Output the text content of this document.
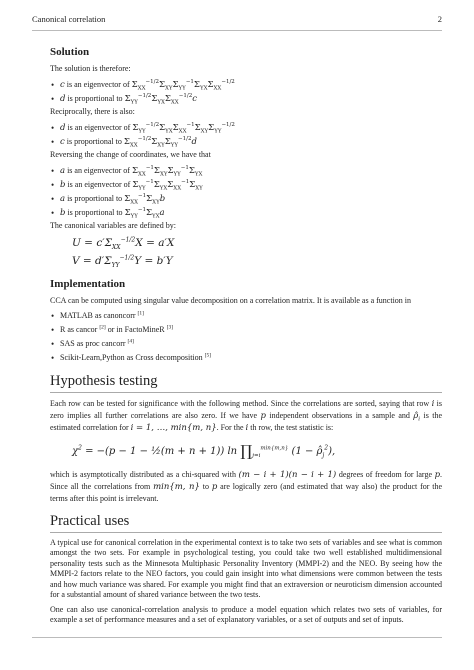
Canonical correlation	2
Solution

The solution is therefore:

• c is an eigenvector of $\Sigma_{XX}^{-1/2}\Sigma_{XY}\Sigma_{YY}^{-1}\Sigma_{YX}\Sigma_{XX}^{-1/2}$
• d is proportional to $\Sigma_{YY}^{-1/2}\Sigma_{YX}\Sigma_{XX}^{-1/2}c$

Reciprocally, there is also:

• d is an eigenvector of $\Sigma_{YY}^{-1/2}\Sigma_{YX}\Sigma_{XX}^{-1}\Sigma_{XY}\Sigma_{YY}^{-1/2}$
• c is proportional to $\Sigma_{XX}^{-1/2}\Sigma_{XY}\Sigma_{YY}^{-1/2}d$

Reversing the change of coordinates, we have that

• a is an eigenvector of $\Sigma_{XX}^{-1}\Sigma_{XY}\Sigma_{YY}^{-1}\Sigma_{YX}$
• b is an eigenvector of $\Sigma_{YY}^{-1}\Sigma_{YX}\Sigma_{XX}^{-1}\Sigma_{XY}$
• a is proportional to $\Sigma_{XX}^{-1}\Sigma_{XY}b$
• b is proportional to $\Sigma_{YY}^{-1}\Sigma_{YX}a$

The canonical variables are defined by:

$U = c'\Sigma_{XX}^{-1/2}X = a'X$
$V = d'\Sigma_{YY}^{-1/2}Y = b'Y$
Implementation

CCA can be computed using singular value decomposition on a correlation matrix. It is available as a function in

• MATLAB as canoncorr [1]
• R as cancor [2] or in FactoMineR [3]
• SAS as proc cancorr [4]
• Scikit-Learn,Python as Cross decomposition [5]
Hypothesis testing

Each row can be tested for significance with the following method. Since the correlations are sorted, saying that row i is zero implies all further correlations are also zero. If we have p independent observations in a sample and $\rhô_i$ is the estimated correlation for i = 1, …, min{m, n}. For the i th row, the test statistic is:

$\chi^2 = -(p - 1$ − ½(m + n + 1)) $\ln \prod_{j=i}^{min\{m,n\}}$ $(1 - \rhô_j^2)$,

which is asymptotically distributed as a chi-squared with (m − i + 1)(n − i + 1) degrees of freedom for large p. Since all the correlations from min{m, n} to p are logically zero (and estimated that way also) the product for the terms after this point is irrelevant.

Practical uses

A typical use for canonical correlation in the experimental context is to take two sets of variables and see what is common amongst the two sets. For example in psychological testing, you could take two well established multidimensional personality tests such as the Minnesota Multiphasic Personality Inventory (MMPI-2) and the NEO. By seeing how the MMPI-2 factors relate to the NEO factors, you could gain insight into what dimensions were common between the tests and how much variance was shared. For example you might find that an extraversion or neuroticism dimension accounted for a substantial amount of shared variance between the two tests.

One can also use canonical-correlation analysis to produce a model equation which relates two sets of variables, for example a set of performance measures and a set of explanatory variables, or a set of outputs and set of inputs.
